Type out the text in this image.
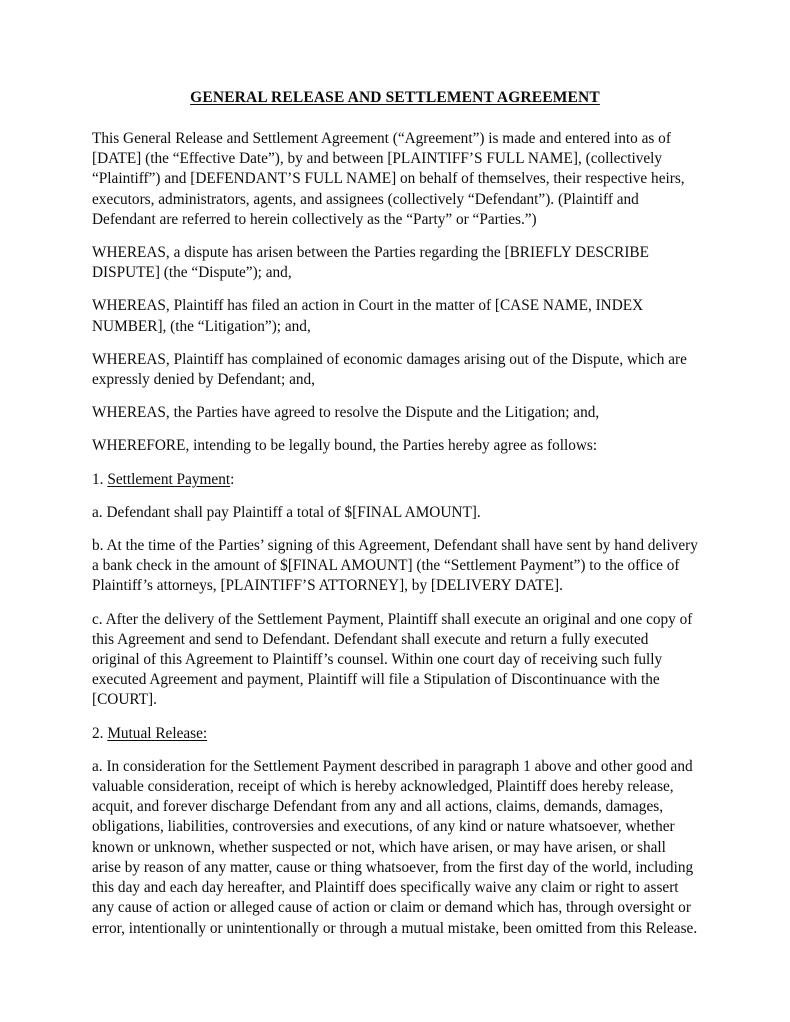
GENERAL RELEASE AND SETTLEMENT AGREEMENT

This General Release and Settlement Agreement (“Agreement”) is made and entered into as of [DATE] (the “Effective Date”), by and between [PLAINTIFF’S FULL NAME], (collectively “Plaintiff”) and [DEFENDANT’S FULL NAME] on behalf of themselves, their respective heirs, executors, administrators, agents, and assignees (collectively “Defendant”). (Plaintiff and Defendant are referred to herein collectively as the “Party” or “Parties.”)

WHEREAS, a dispute has arisen between the Parties regarding the [BRIEFLY DESCRIBE DISPUTE] (the “Dispute”); and,

WHEREAS, Plaintiff has filed an action in Court in the matter of [CASE NAME, INDEX NUMBER], (the “Litigation”); and,

WHEREAS, Plaintiff has complained of economic damages arising out of the Dispute, which are expressly denied by Defendant; and,

WHEREAS, the Parties have agreed to resolve the Dispute and the Litigation; and,

WHEREFORE, intending to be legally bound, the Parties hereby agree as follows:

1. Settlement Payment:

a. Defendant shall pay Plaintiff a total of $[FINAL AMOUNT].

b. At the time of the Parties’ signing of this Agreement, Defendant shall have sent by hand delivery a bank check in the amount of $[FINAL AMOUNT] (the “Settlement Payment”) to the office of Plaintiff’s attorneys, [PLAINTIFF’S ATTORNEY], by [DELIVERY DATE].

c. After the delivery of the Settlement Payment, Plaintiff shall execute an original and one copy of this Agreement and send to Defendant. Defendant shall execute and return a fully executed original of this Agreement to Plaintiff’s counsel. Within one court day of receiving such fully executed Agreement and payment, Plaintiff will file a Stipulation of Discontinuance with the [COURT].

2. Mutual Release:

a. In consideration for the Settlement Payment described in paragraph 1 above and other good and valuable consideration, receipt of which is hereby acknowledged, Plaintiff does hereby release, acquit, and forever discharge Defendant from any and all actions, claims, demands, damages, obligations, liabilities, controversies and executions, of any kind or nature whatsoever, whether known or unknown, whether suspected or not, which have arisen, or may have arisen, or shall arise by reason of any matter, cause or thing whatsoever, from the first day of the world, including this day and each day hereafter, and Plaintiff does specifically waive any claim or right to assert any cause of action or alleged cause of action or claim or demand which has, through oversight or error, intentionally or unintentionally or through a mutual mistake, been omitted from this Release.
